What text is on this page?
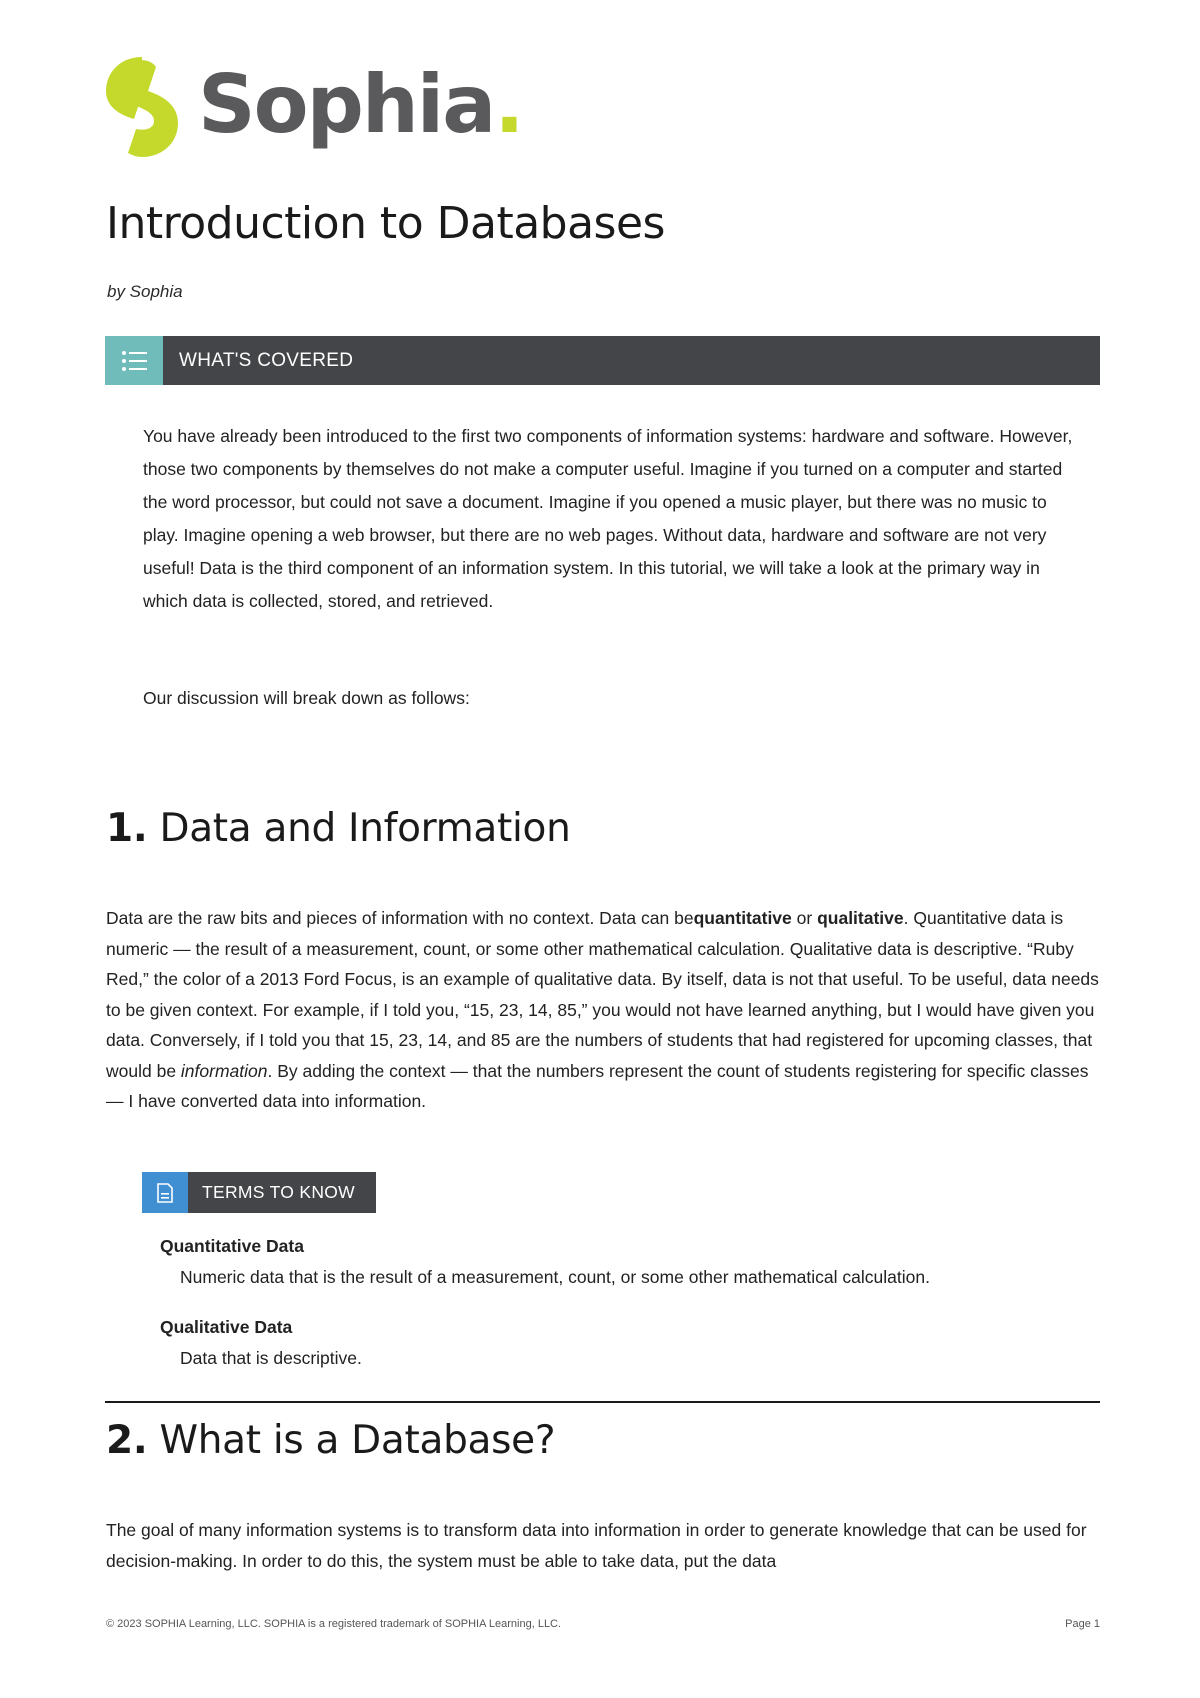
Sophia.
Introduction to Databases
by Sophia
WHAT'S COVERED

You have already been introduced to the first two components of information systems: hardware and software. However, those two components by themselves do not make a computer useful. Imagine if you turned on a computer and started the word processor, but could not save a document. Imagine if you opened a music player, but there was no music to play. Imagine opening a web browser, but there are no web pages. Without data, hardware and software are not very useful! Data is the third component of an information system. In this tutorial, we will take a look at the primary way in which data is collected, stored, and retrieved.

Our discussion will break down as follows:

1. Data and Information

Data are the raw bits and pieces of information with no context. Data can bequantitative or qualitative. Quantitative data is numeric — the result of a measurement, count, or some other mathematical calculation. Qualitative data is descriptive. “Ruby Red,” the color of a 2013 Ford Focus, is an example of qualitative data. By itself, data is not that useful. To be useful, data needs to be given context. For example, if I told you, “15, 23, 14, 85,” you would not have learned anything, but I would have given you data. Conversely, if I told you that 15, 23, 14, and 85 are the numbers of students that had registered for upcoming classes, that would be information. By adding the context — that the numbers represent the count of students registering for specific classes — I have converted data into information.

TERMS TO KNOW

Quantitative Data

Numeric data that is the result of a measurement, count, or some other mathematical calculation.

Qualitative Data

Data that is descriptive.

2. What is a Database?

The goal of many information systems is to transform data into information in order to generate knowledge that can be used for decision-making. In order to do this, the system must be able to take data, put the data

© 2023 SOPHIA Learning, LLC. SOPHIA is a registered trademark of SOPHIA Learning, LLC.	Page 1
